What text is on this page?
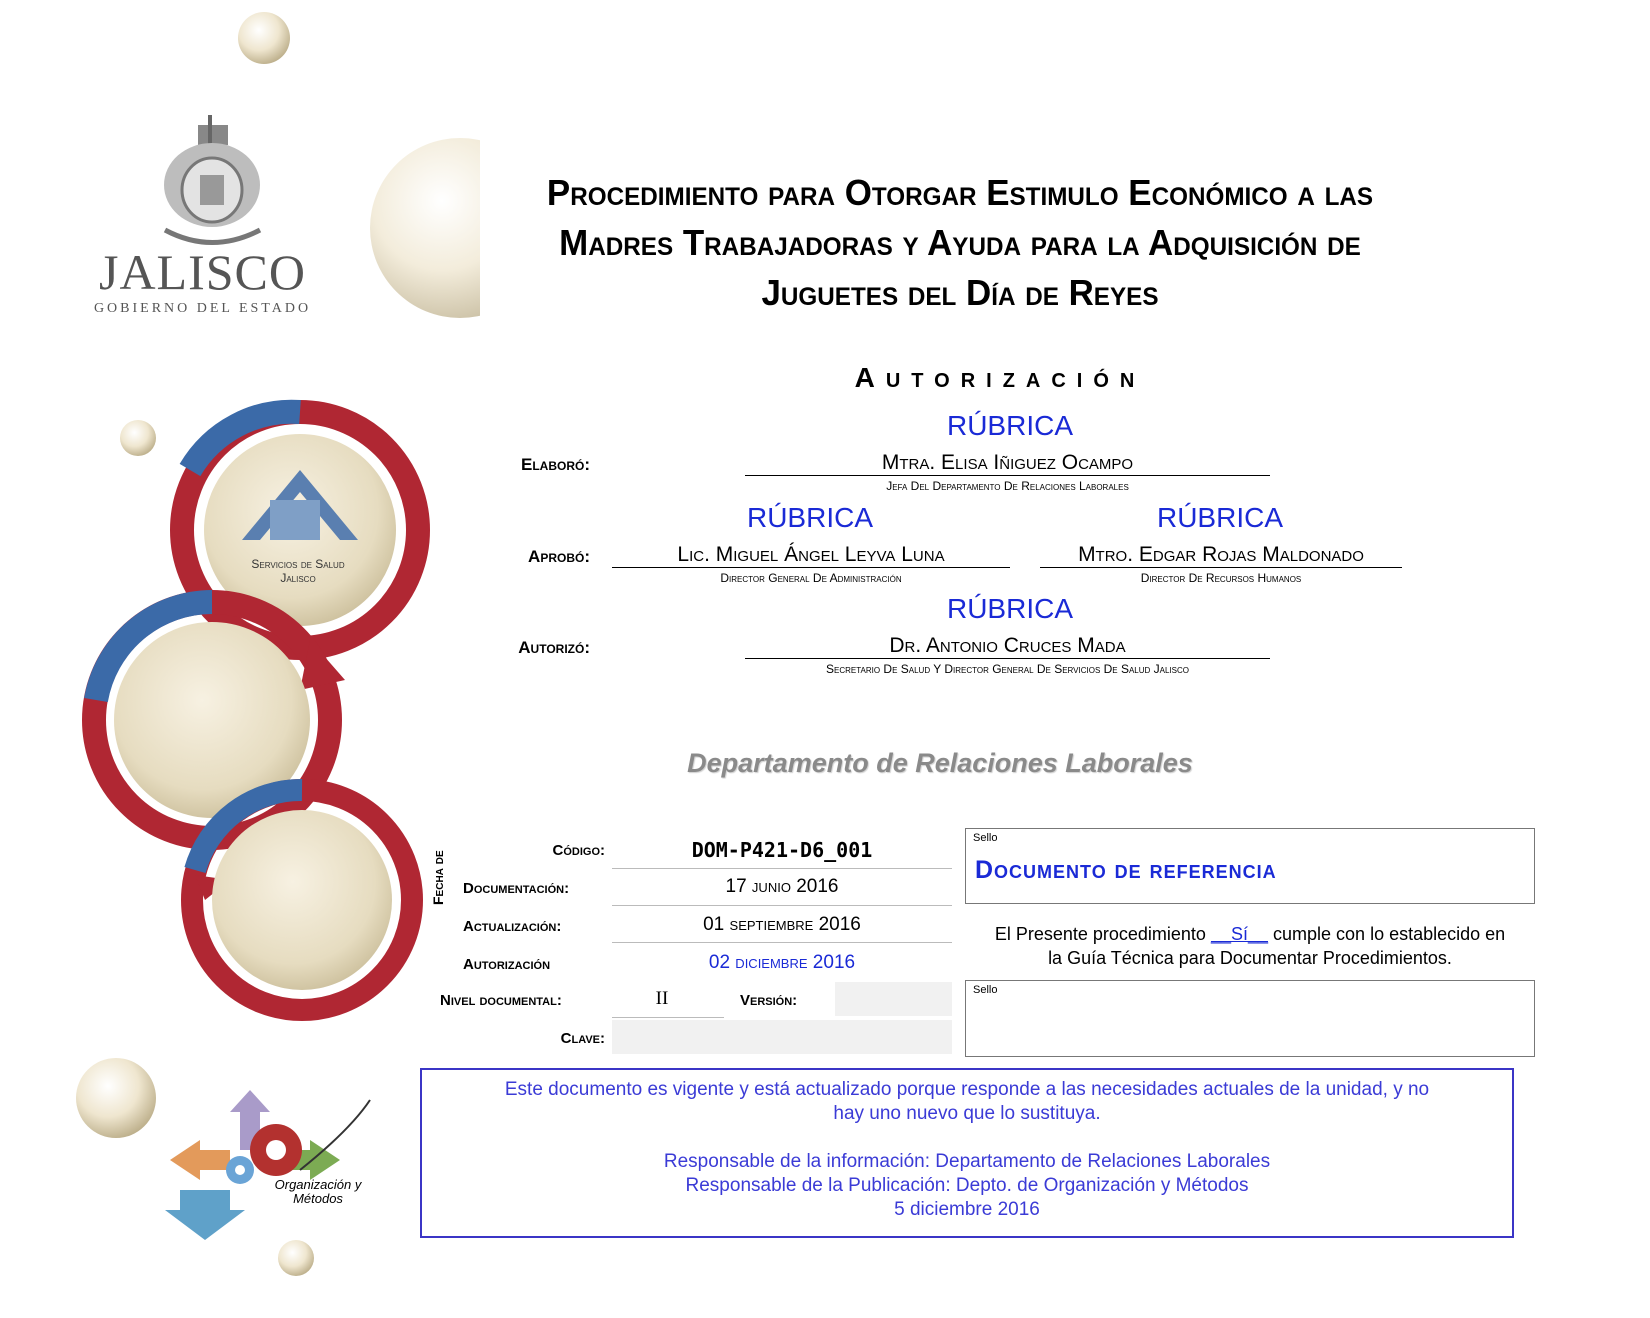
JALISCO
GOBIERNO DEL ESTADO
Servicios de Salud
Jalisco
Organización y
Métodos
Procedimiento para Otorgar Estimulo Económico a las
Madres Trabajadoras y Ayuda para la Adquisición de
Juguetes del Día de Reyes
Autorización
RÚBRICA
Elaboró:	Mtra. Elisa Iñiguez Ocampo
Jefa Del Departamento De Relaciones Laborales
RÚBRICA	RÚBRICA
Aprobó:	Lic. Miguel Ángel Leyva Luna
Director General De Administración
Mtro. Edgar Rojas Maldonado
Director De Recursos Humanos
RÚBRICA
Autorizó:	Dr. Antonio Cruces Mada
Secretario De Salud Y Director General De Servicios De Salud Jalisco
Departamento de Relaciones Laborales
Código:	DOM-P421-D6_001
Fecha de Documentación:	17 junio 2016
Actualización:	01 septiembre 2016
Autorización	02 diciembre 2016
Nivel documental:	II	Versión:
Clave:
Sello
Documento de referencia
El Presente procedimiento __Sí__ cumple con lo establecido en
la Guía Técnica para Documentar Procedimientos.
Sello

Este documento es vigente y está actualizado porque responde a las necesidades actuales de la unidad, y no

hay uno nuevo que lo sustituya.

Responsable de la información: Departamento de Relaciones Laborales

Responsable de la Publicación: Depto. de Organización y Métodos

5 diciembre 2016
